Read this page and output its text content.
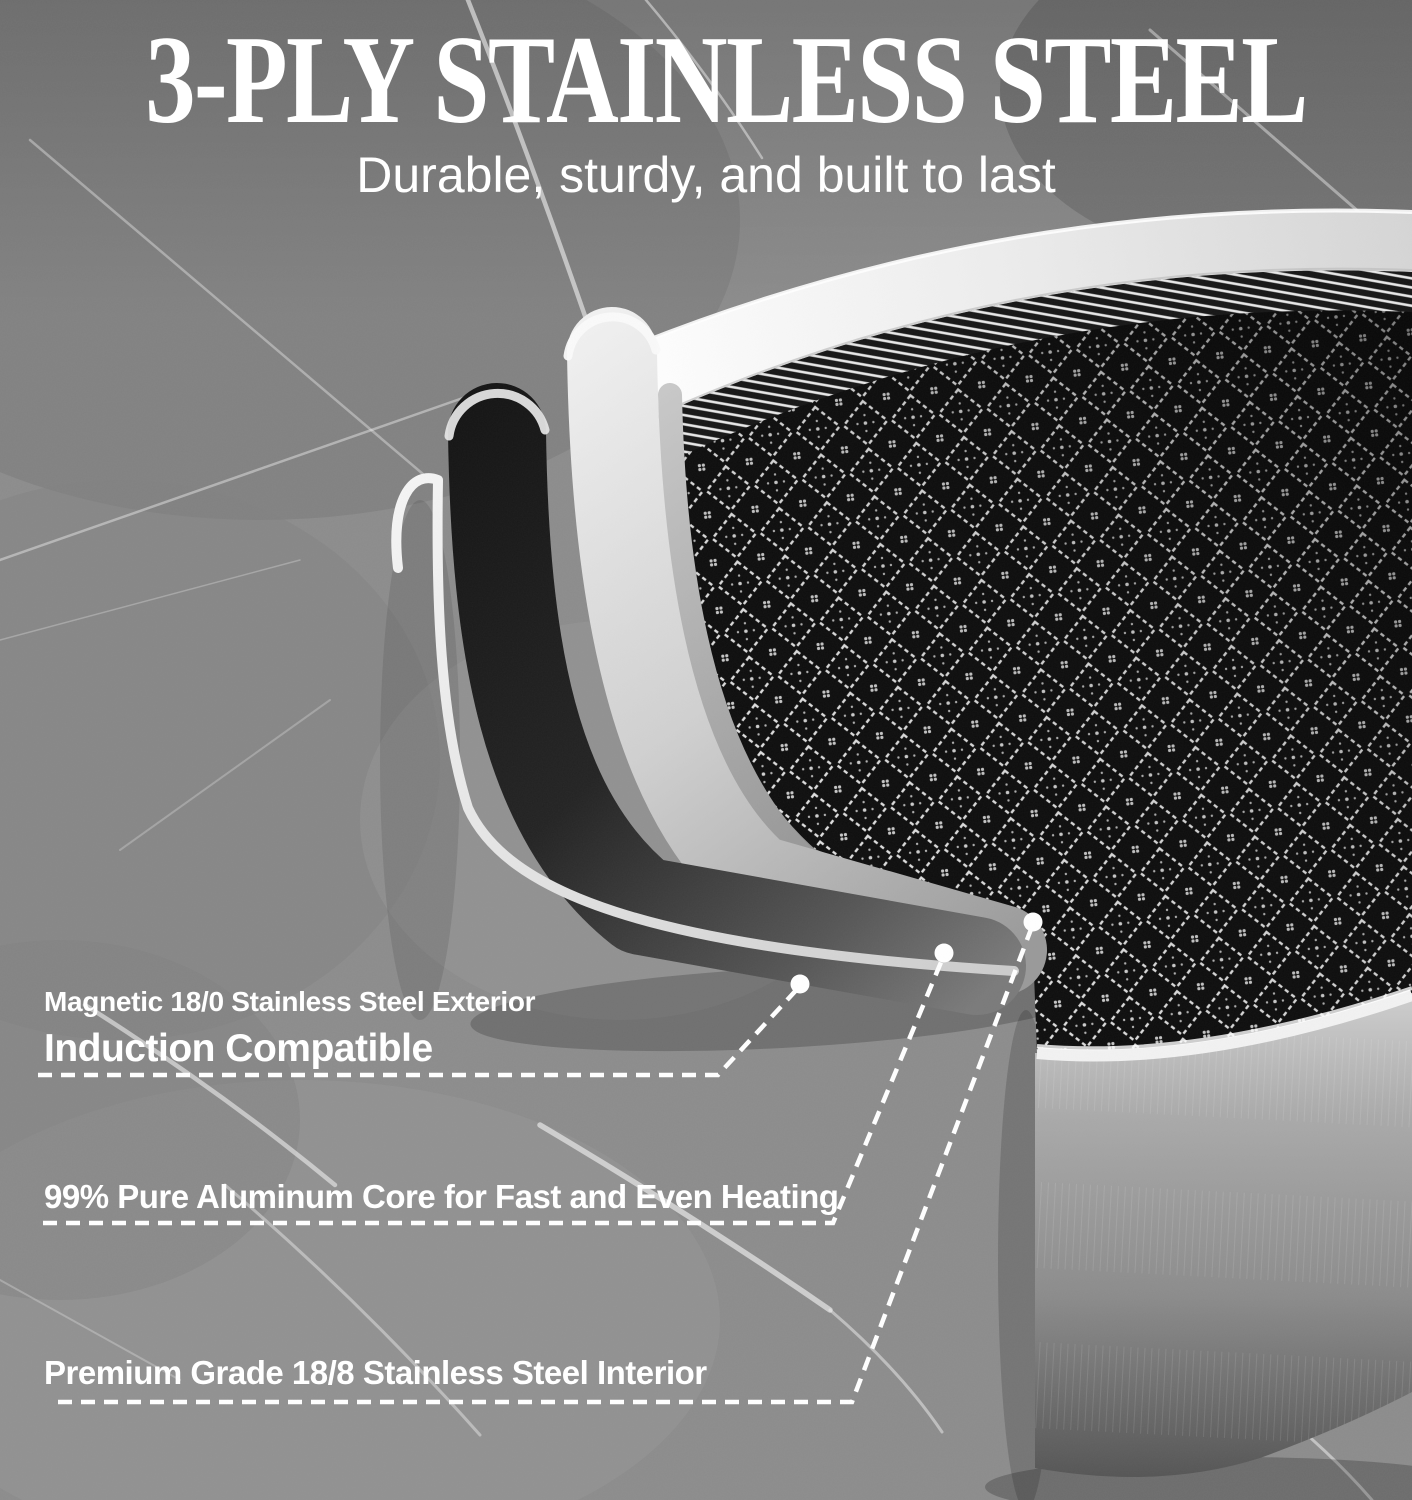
3-PLY STAINLESS STEEL
Durable, sturdy, and built to last
Magnetic 18/0 Stainless Steel Exterior
Induction Compatible
99% Pure Aluminum Core for Fast and Even Heating
Premium Grade 18/8 Stainless Steel Interior
